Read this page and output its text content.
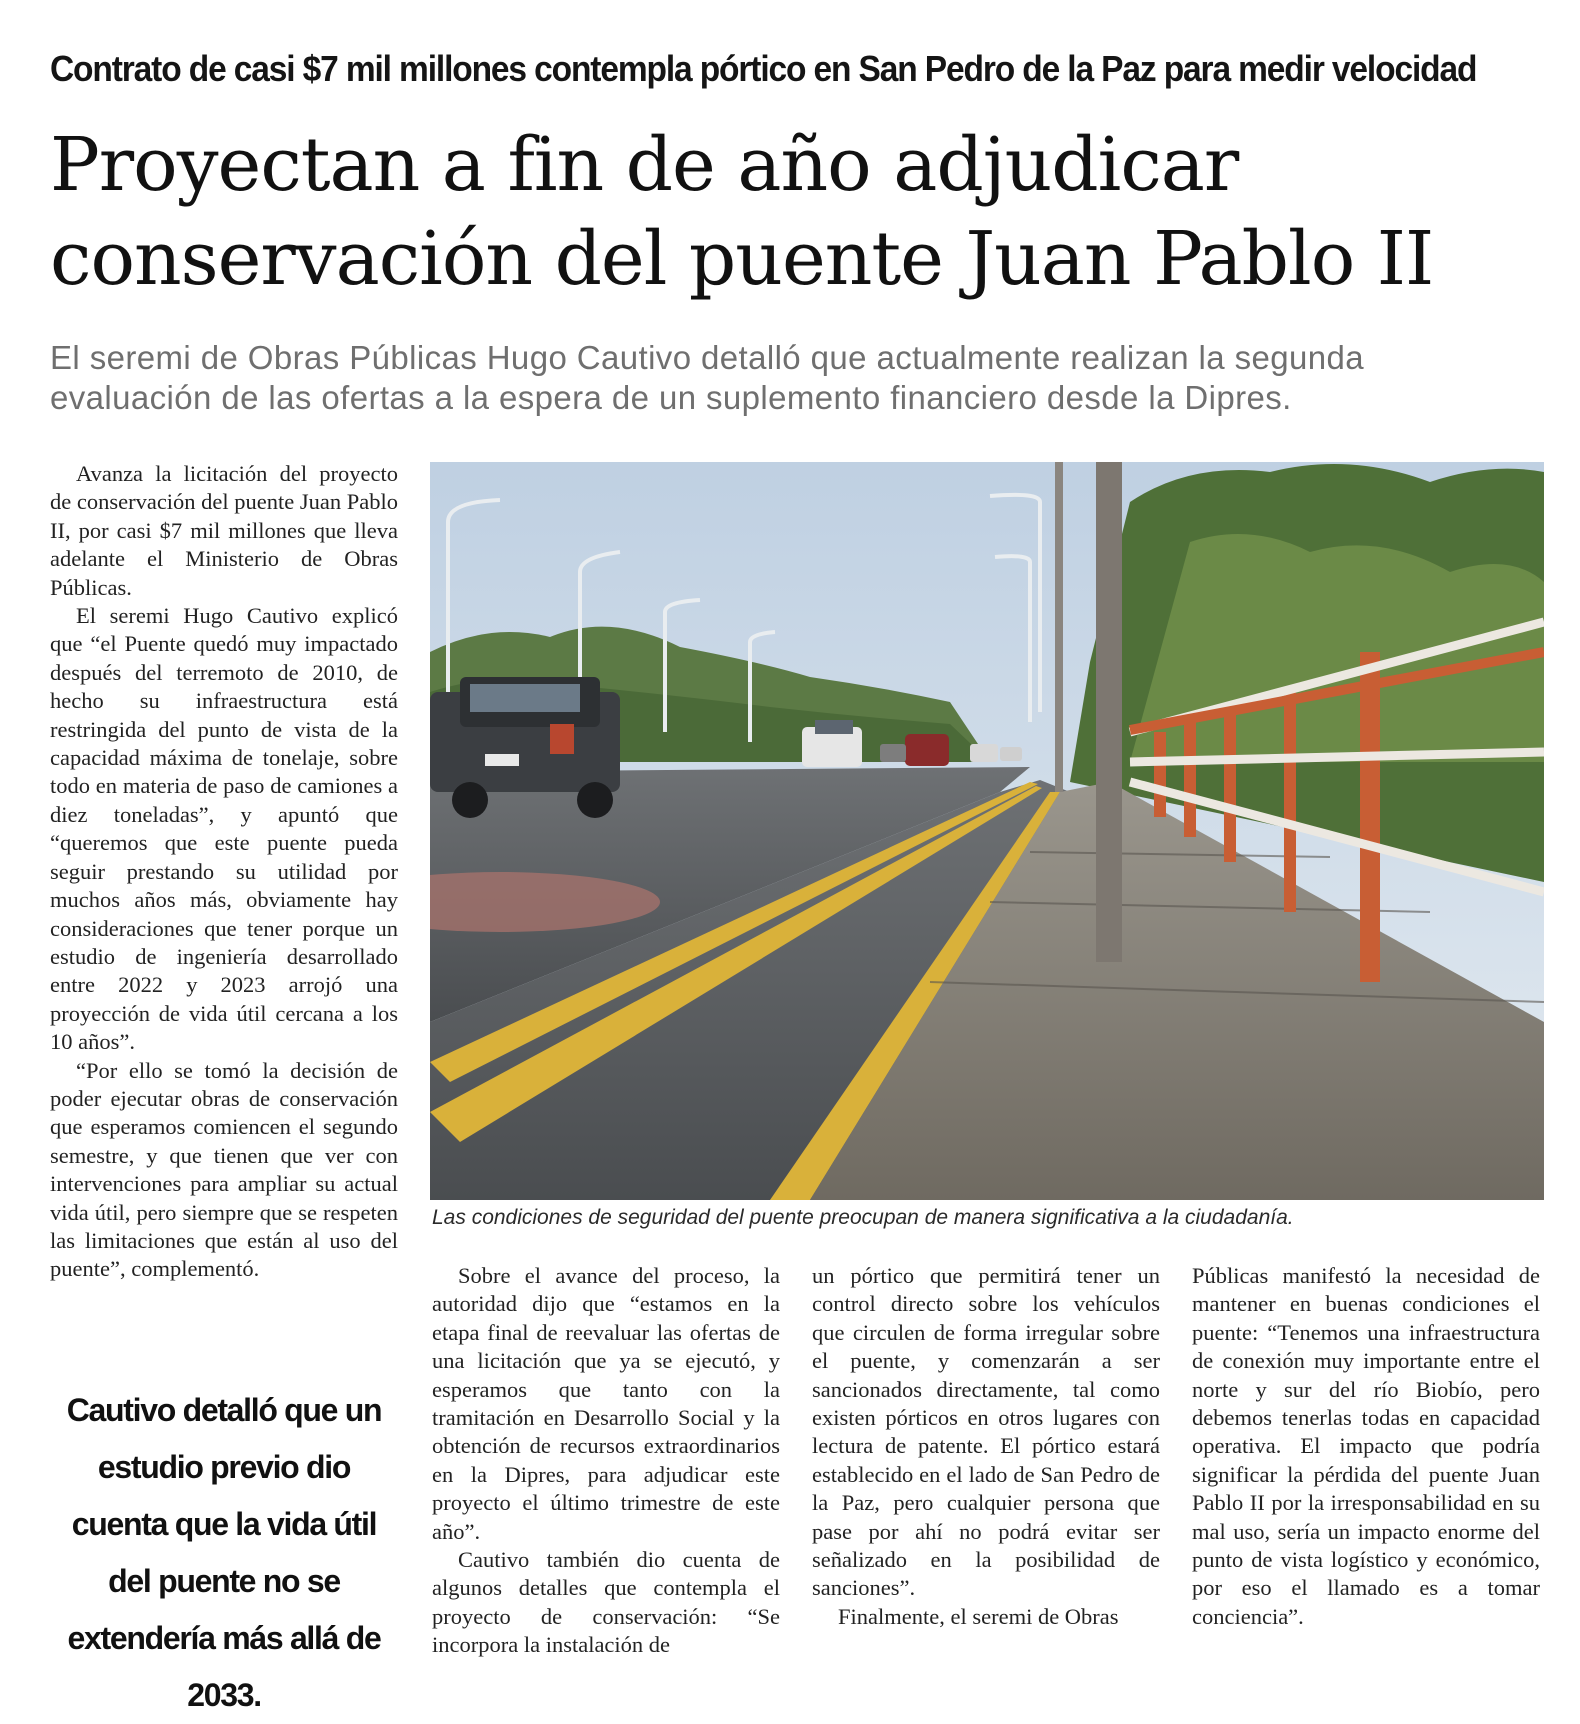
Contrato de casi $7 mil millones contempla pórtico en San Pedro de la Paz para medir velocidad
Proyectan a fin de año adjudicar
conservación del puente Juan Pablo II
El seremi de Obras Públicas Hugo Cautivo detalló que actualmente realizan la segunda
evaluación de las ofertas a la espera de un suplemento financiero desde la Dipres.

Avanza la licitación del proyecto de conservación del puente Juan Pablo II, por casi $7 mil millones que lleva adelante el Ministerio de Obras Públicas.

El seremi Hugo Cautivo explicó que “el Puente quedó muy impactado después del terremoto de 2010, de hecho su infraestructura está restringida del punto de vista de la capacidad máxima de tonelaje, sobre todo en materia de paso de camiones a diez toneladas”, y apuntó que “queremos que este puente pueda seguir prestando su utilidad por muchos años más, obviamente hay consideraciones que tener porque un estudio de ingeniería desarrollado entre 2022 y 2023 arrojó una proyección de vida útil cercana a los 10 años”.

“Por ello se tomó la decisión de poder ejecutar obras de conservación que esperamos comiencen el segundo semestre, y que tienen que ver con intervenciones para ampliar su actual vida útil, pero siempre que se respeten las limitaciones que están al uso del puente”, complementó.

Las condiciones de seguridad del puente preocupan de manera significativa a la ciudadanía.
Cautivo detalló que un estudio previo dio cuenta que la vida útil del puente no se extendería más allá de 2033.

Sobre el avance del proceso, la autoridad dijo que “estamos en la etapa final de reevaluar las ofertas de una licitación que ya se ejecutó, y esperamos que tanto con la tramitación en Desarrollo Social y la obtención de recursos extraordinarios en la Dipres, para adjudicar este proyecto el último trimestre de este año”.

Cautivo también dio cuenta de algunos detalles que contempla el proyecto de conservación: “Se incorpora la instalación de

un pórtico que permitirá tener un control directo sobre los vehículos que circulen de forma irregular sobre el puente, y comenzarán a ser sancionados directamente, tal como existen pórticos en otros lugares con lectura de patente. El pórtico estará establecido en el lado de San Pedro de la Paz, pero cualquier persona que pase por ahí no podrá evitar ser señalizado en la posibilidad de sanciones”.

Finalmente, el seremi de Obras

Públicas manifestó la necesidad de mantener en buenas condiciones el puente: “Tenemos una infraestructura de conexión muy importante entre el norte y sur del río Biobío, pero debemos tenerlas todas en capacidad operativa. El impacto que podría significar la pérdida del puente Juan Pablo II por la irresponsabilidad en su mal uso, sería un impacto enorme del punto de vista logístico y económico, por eso el llamado es a tomar conciencia”.
